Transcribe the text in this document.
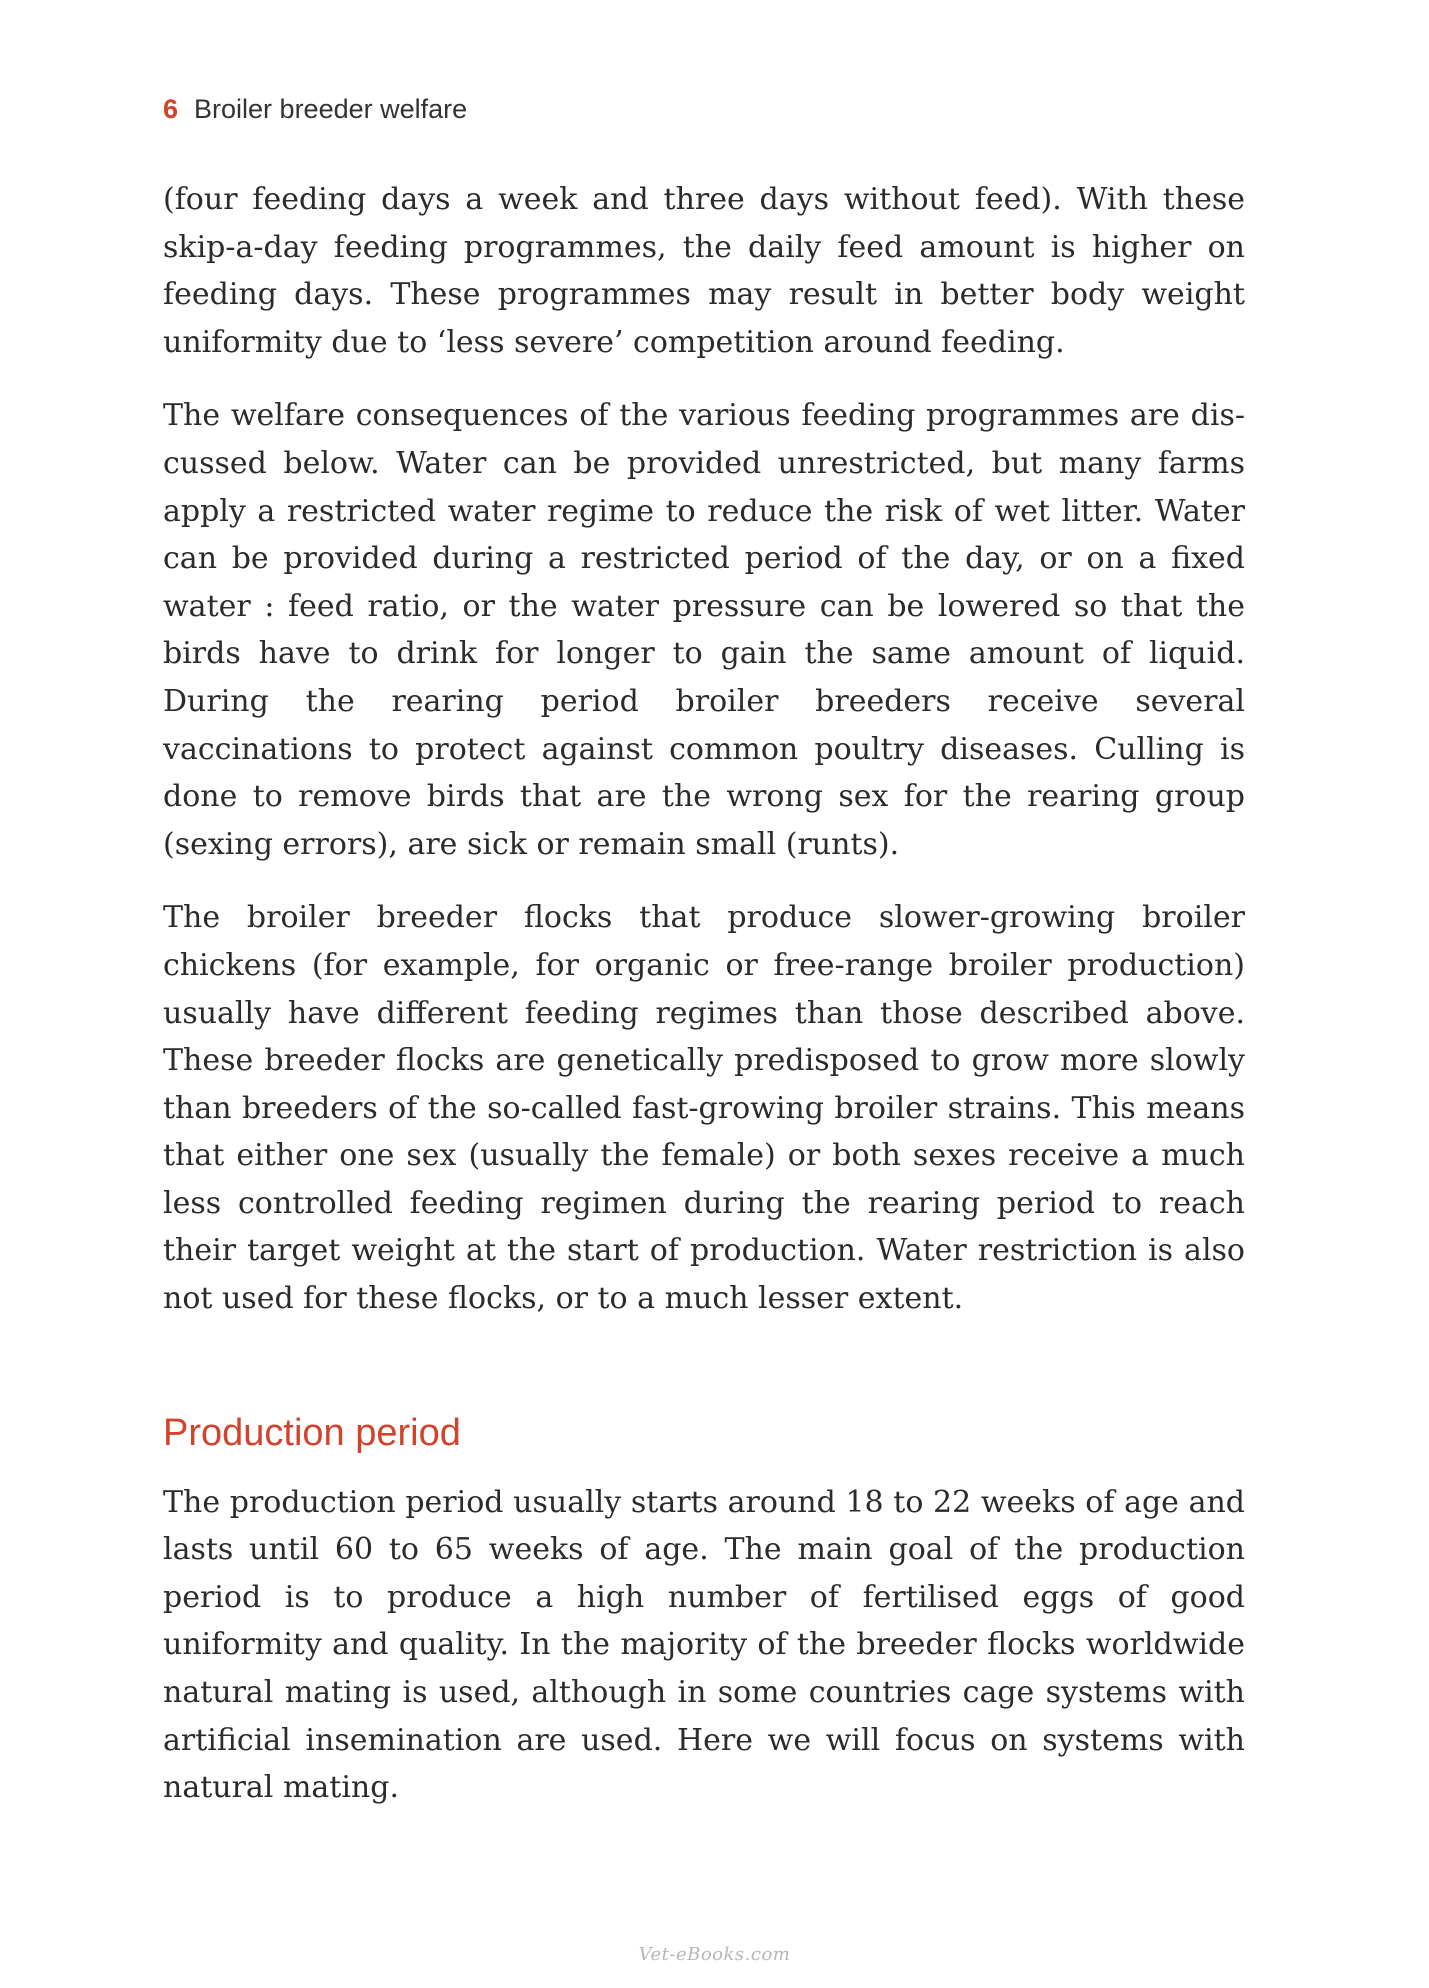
6 Broiler breeder welfare

(four feeding days a week and three days without feed). With these skip-a-day feeding programmes, the daily feed amount is higher on feeding days. These programmes may result in better body weight uniformity due to ‘less severe’ competition around feeding.

The welfare consequences of the various feeding programmes are discussed below. Water can be provided unrestricted, but many farms apply a restricted water regime to reduce the risk of wet litter. Water can be provided during a restricted period of the day, or on a fixed water : feed ratio, or the water pressure can be lowered so that the birds have to drink for longer to gain the same amount of liquid. During the rearing period broiler breeders receive several vaccinations to protect against common poultry diseases. Culling is done to remove birds that are the wrong sex for the rearing group (sexing errors), are sick or remain small (runts).

The broiler breeder flocks that produce slower-growing broiler chickens (for example, for organic or free-range broiler production) usually have different feeding regimes than those described above. These breeder flocks are genetically predisposed to grow more slowly than breeders of the so-called fast-growing broiler strains. This means that either one sex (usually the female) or both sexes receive a much less controlled feeding regimen during the rearing period to reach their target weight at the start of production. Water restriction is also not used for these flocks, or to a much lesser extent.

Production period

The production period usually starts around 18 to 22 weeks of age and lasts until 60 to 65 weeks of age. The main goal of the production period is to produce a high number of fertilised eggs of good uniformity and quality. In the majority of the breeder flocks worldwide natural mating is used, although in some countries cage systems with artificial insemination are used. Here we will focus on systems with natural mating.

Vet-eBooks.com
